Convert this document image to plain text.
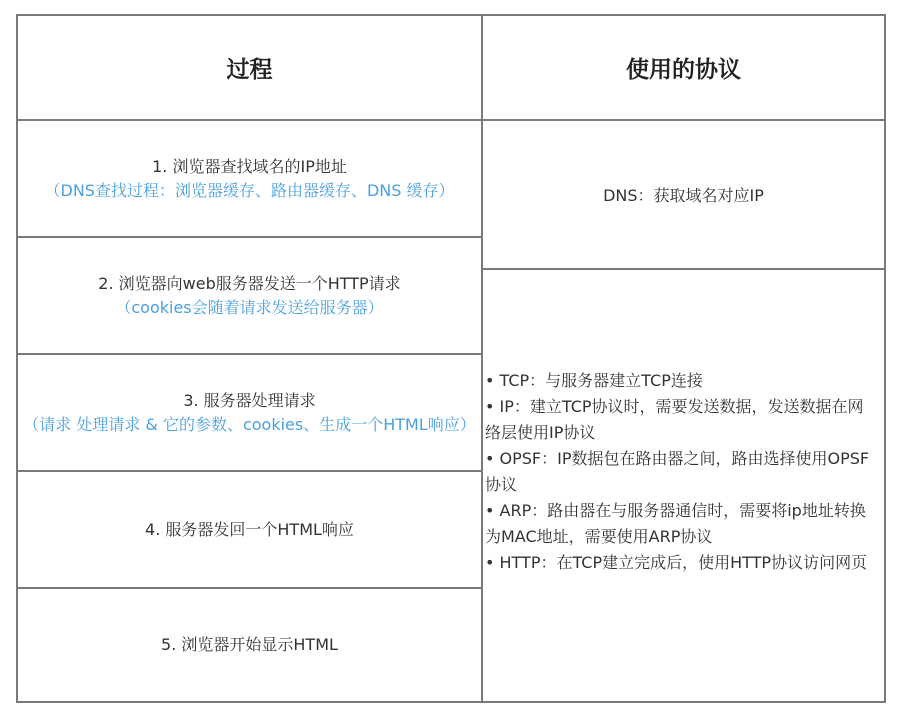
过程	使用的协议
1. 浏览器查找域名的IP地址
（DNS查找过程：浏览器缓存、路由器缓存、DNS 缓存）
2. 浏览器向web服务器发送一个HTTP请求
（cookies会随着请求发送给服务器）
3. 服务器处理请求
（请求 处理请求 & 它的参数、cookies、生成一个HTML响应）
4. 服务器发回一个HTML响应
5. 浏览器开始显示HTML
DNS：获取域名对应IP
• TCP：与服务器建立TCP连接
• IP：建立TCP协议时，需要发送数据，发送数据在网络层使用IP协议
• OPSF：IP数据包在路由器之间，路由选择使用OPSF协议
• ARP：路由器在与服务器通信时，需要将ip地址转换为MAC地址，需要使用ARP协议
• HTTP：在TCP建立完成后，使用HTTP协议访问网页
